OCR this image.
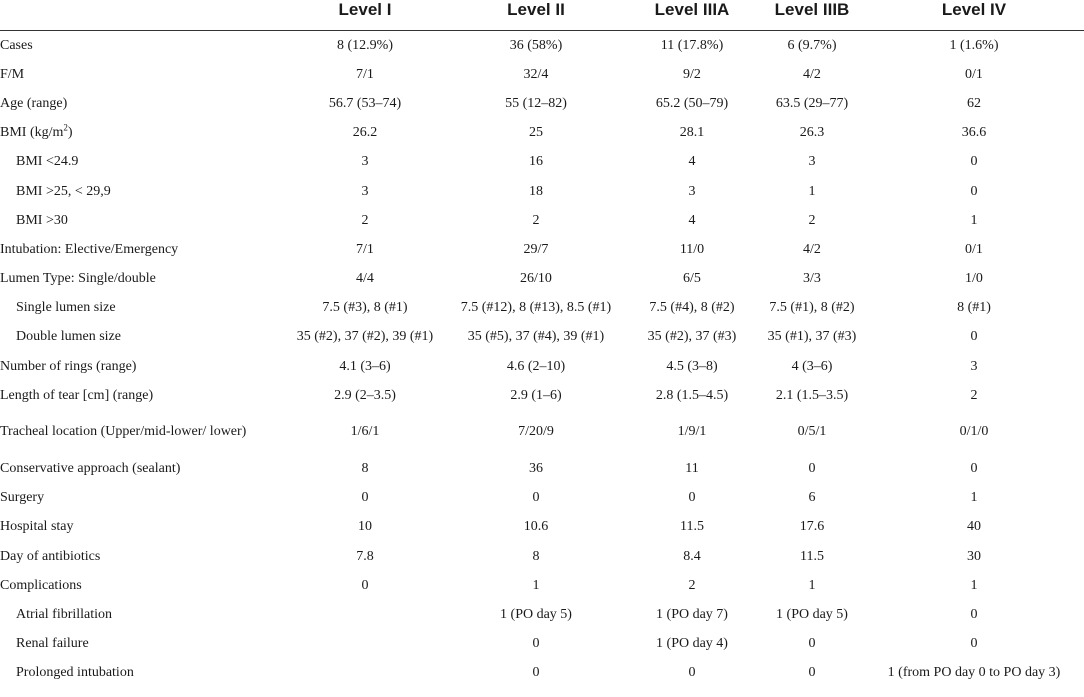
	Level I	Level II	Level IIIA	Level IIIB	Level IV
Cases	8 (12.9%)	36 (58%)	11 (17.8%)	6 (9.7%)	1 (1.6%)
F/M	7/1	32/4	9/2	4/2	0/1
Age (range)	56.7 (53–74)	55 (12–82)	65.2 (50–79)	63.5 (29–77)	62
BMI $(kg/m^2)$	26.2	25	28.1	26.3	36.6
BMI <24.9	3	16	4	3	0
BMI >25, < 29,9	3	18	3	1	0
BMI >30	2	2	4	2	1
Intubation: Elective/Emergency	7/1	29/7	11/0	4/2	0/1
Lumen Type: Single/double	4/4	26/10	6/5	3/3	1/0
Single lumen size	7.5 (#3), 8 (#1)	7.5 (#12), 8 (#13), 8.5 (#1)	7.5 (#4), 8 (#2)	7.5 (#1), 8 (#2)	8 (#1)
Double lumen size	35 (#2), 37 (#2), 39 (#1)	35 (#5), 37 (#4), 39 (#1)	35 (#2), 37 (#3)	35 (#1), 37 (#3)	0
Number of rings (range)	4.1 (3–6)	4.6 (2–10)	4.5 (3–8)	4 (3–6)	3
Length of tear [cm] (range)	2.9 (2–3.5)	2.9 (1–6)	2.8 (1.5–4.5)	2.1 (1.5–3.5)	2
Tracheal location (Upper/mid-lower/ lower)	1/6/1	7/20/9	1/9/1	0/5/1	0/1/0
Conservative approach (sealant)	8	36	11	0	0
Surgery	0	0	0	6	1
Hospital stay	10	10.6	11.5	17.6	40
Day of antibiotics	7.8	8	8.4	11.5	30
Complications	0	1	2	1	1
Atrial fibrillation		1 (PO day 5)	1 (PO day 7)	1 (PO day 5)	0
Renal failure		0	1 (PO day 4)	0	0
Prolonged intubation		0	0	0	1 (from PO day 0 to PO day 3)
